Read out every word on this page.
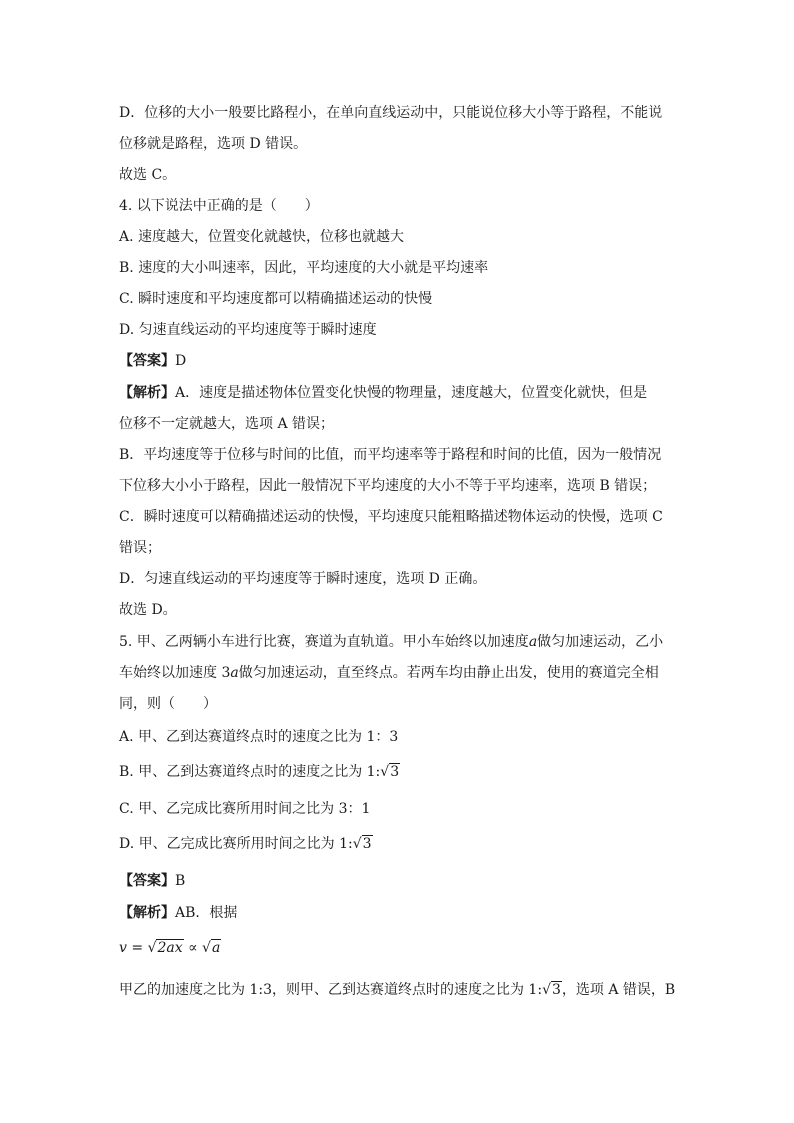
D．位移的大小一般要比路程小，在单向直线运动中，只能说位移大小等于路程，不能说
位移就是路程，选项 D 错误。
故选 C。
4. 以下说法中正确的是（　　）
A. 速度越大，位置变化就越快，位移也就越大
B. 速度的大小叫速率，因此，平均速度的大小就是平均速率
C. 瞬时速度和平均速度都可以精确描述运动的快慢
D. 匀速直线运动的平均速度等于瞬时速度
【答案】D
【解析】A．速度是描述物体位置变化快慢的物理量，速度越大，位置变化就快，但是
位移不一定就越大，选项 A 错误；
B．平均速度等于位移与时间的比值，而平均速率等于路程和时间的比值，因为一般情况
下位移大小小于路程，因此一般情况下平均速度的大小不等于平均速率，选项 B 错误；
C．瞬时速度可以精确描述运动的快慢，平均速度只能粗略描述物体运动的快慢，选项 C
错误；
D．匀速直线运动的平均速度等于瞬时速度，选项 D 正确。
故选 D。
5. 甲、乙两辆小车进行比赛，赛道为直轨道。甲小车始终以加速度a做匀加速运动，乙小
车始终以加速度 3a做匀加速运动，直至终点。若两车均由静止出发，使用的赛道完全相
同，则（　　）
A. 甲、乙到达赛道终点时的速度之比为 1：3
B. 甲、乙到达赛道终点时的速度之比为 1:√3
C. 甲、乙完成比赛所用时间之比为 3：1
D. 甲、乙完成比赛所用时间之比为 1:√3
【答案】B
【解析】AB．根据
v = √2ax ∝ √a
甲乙的加速度之比为 1:3，则甲、乙到达赛道终点时的速度之比为 1:√3，选项 A 错误，B
